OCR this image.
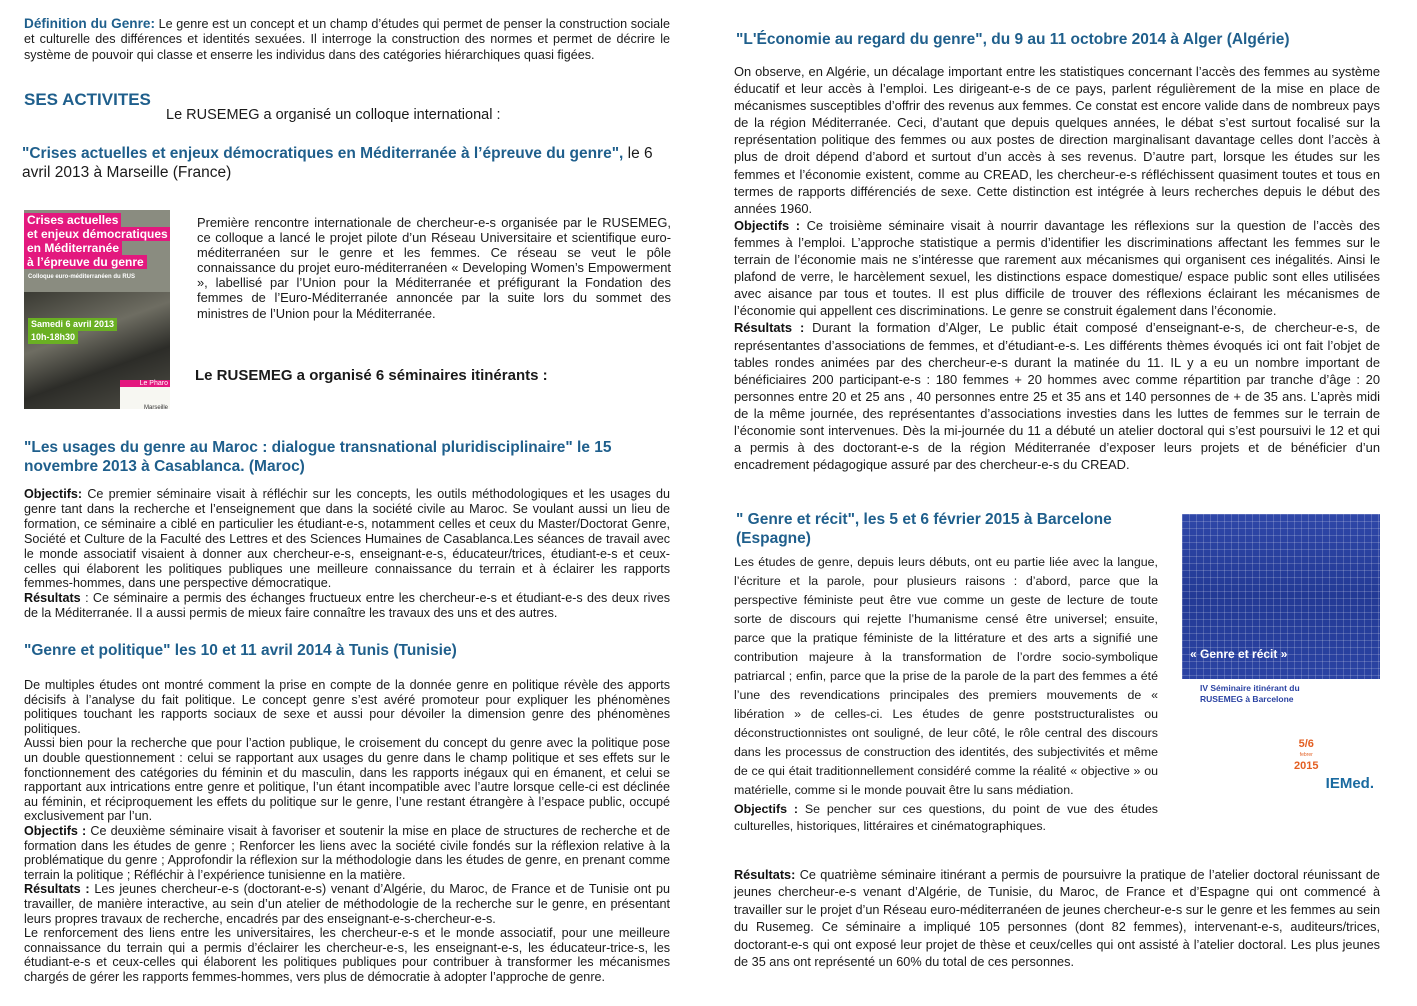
Définition du Genre: Le genre est un concept et un champ d’études qui permet de penser la construction sociale et culturelle des différences et identités sexuées. Il interroge la construction des normes et permet de décrire le système de pouvoir qui classe et enserre les individus dans des catégories hiérarchiques quasi figées.

SES ACTIVITES
Le RUSEMEG a organisé un colloque international :
"Crises actuelles et enjeux démocratiques en Méditerranée à l’épreuve du genre", le 6 avril 2013 à Marseille (France)
Crises actuelles
et enjeux démocratiques
en Méditerranée
à l’épreuve du genre
Colloque euro-méditerranéen du RUS
Samedi 6 avril 2013
10h-18h30
Le Pharo
Marseille

Première rencontre internationale de chercheur-e-s organisée par le RUSEMEG, ce colloque a lancé le projet pilote d’un Réseau Universitaire et scientifique euro-méditerranéen sur le genre et les femmes. Ce réseau se veut le pôle connaissance du projet euro-méditerranéen « Developing Women’s Empowerment », labellisé par l’Union pour la Méditerranée et préfigurant la Fondation des femmes de l’Euro-Méditerranée annoncée par la suite lors du sommet des ministres de l’Union pour la Méditerranée.

Le RUSEMEG a organisé 6 séminaires itinérants :

"Les usages du genre au Maroc : dialogue transnational pluridisciplinaire" le 15 novembre 2013 à Casablanca. (Maroc)

Objectifs: Ce premier séminaire visait à réfléchir sur les concepts, les outils méthodologiques et les usages du genre tant dans la recherche et l’enseignement que dans la société civile au Maroc. Se voulant aussi un lieu de formation, ce séminaire a ciblé en particulier les étudiant-e-s, notamment celles et ceux du Master/Doctorat Genre, Société et Culture de la Faculté des Lettres et des Sciences Humaines de Casablanca.Les séances de travail avec le monde associatif visaient à donner aux chercheur-e-s, enseignant-e-s, éducateur/trices, étudiant-e-s et ceux-celles qui élaborent les politiques publiques une meilleure connaissance du terrain et à éclairer les rapports femmes-hommes, dans une perspective démocratique.

Résultats : Ce séminaire a permis des échanges fructueux entre les chercheur-e-s et étudiant-e-s des deux rives de la Méditerranée. Il a aussi permis de mieux faire connaître les travaux des uns et des autres.

"Genre et politique" les 10 et 11 avril 2014 à Tunis (Tunisie)

De multiples études ont montré comment la prise en compte de la donnée genre en politique révèle des apports décisifs à l’analyse du fait politique. Le concept genre s’est avéré promoteur pour expliquer les phénomènes politiques touchant les rapports sociaux de sexe et aussi pour dévoiler la dimension genre des phénomènes politiques.

Aussi bien pour la recherche que pour l’action publique, le croisement du concept du genre avec la politique pose un double questionnement : celui se rapportant aux usages du genre dans le champ politique et ses effets sur le fonctionnement des catégories du féminin et du masculin, dans les rapports inégaux qui en émanent, et celui se rapportant aux intrications entre genre et politique, l’un étant incompatible avec l’autre lorsque celle-ci est déclinée au féminin, et réciproquement les effets du politique sur le genre, l’une restant étrangère à l’espace public, occupé exclusivement par l’un.

Objectifs : Ce deuxième séminaire visait à favoriser et soutenir la mise en place de structures de recherche et de formation dans les études de genre ; Renforcer les liens avec la société civile fondés sur la réflexion relative à la problématique du genre ; Approfondir la réflexion sur la méthodologie dans les études de genre, en prenant comme terrain la politique ; Réfléchir à l’expérience tunisienne en la matière.

Résultats : Les jeunes chercheur-e-s (doctorant-e-s) venant d’Algérie, du Maroc, de France et de Tunisie ont pu travailler, de manière interactive, au sein d’un atelier de méthodologie de la recherche sur le genre, en présentant leurs propres travaux de recherche, encadrés par des enseignant-e-s-chercheur-e-s.

Le renforcement des liens entre les universitaires, les chercheur-e-s et le monde associatif, pour une meilleure connaissance du terrain qui a permis d’éclairer les chercheur-e-s, les enseignant-e-s, les éducateur-trice-s, les étudiant-e-s et ceux-celles qui élaborent les politiques publiques pour contribuer à transformer les mécanismes chargés de gérer les rapports femmes-hommes, vers plus de démocratie à adopter l’approche de genre.

"L'Économie au regard du genre", du 9 au 11 octobre 2014 à Alger (Algérie)

On observe, en Algérie, un décalage important entre les statistiques concernant l’accès des femmes au système éducatif et leur accès à l’emploi. Les dirigeant-e-s de ce pays, parlent régulièrement de la mise en place de mécanismes susceptibles d’offrir des revenus aux femmes. Ce constat est encore valide dans de nombreux pays de la région Méditerranée. Ceci, d’autant que depuis quelques années, le débat s’est surtout focalisé sur la représentation politique des femmes ou aux postes de direction marginalisant davantage celles dont l’accès à plus de droit dépend d’abord et surtout d’un accès à ses revenus. D’autre part, lorsque les études sur les femmes et l’économie existent, comme au CREAD, les chercheur-e-s réfléchissent quasiment toutes et tous en termes de rapports différenciés de sexe. Cette distinction est intégrée à leurs recherches depuis le début des années 1960.

Objectifs : Ce troisième séminaire visait à nourrir davantage les réflexions sur la question de l’accès des femmes à l’emploi. L’approche statistique a permis d’identifier les discriminations affectant les femmes sur le terrain de l’économie mais ne s’intéresse que rarement aux mécanismes qui organisent ces inégalités. Ainsi le plafond de verre, le harcèlement sexuel, les distinctions espace domestique/ espace public sont elles utilisées avec aisance par tous et toutes. Il est plus difficile de trouver des réflexions éclairant les mécanismes de l’économie qui appellent ces discriminations. Le genre se construit également dans l’économie.

Résultats : Durant la formation d’Alger, Le public était composé d’enseignant-e-s, de chercheur-e-s, de représentantes d’associations de femmes, et d’étudiant-e-s. Les différents thèmes évoqués ici ont fait l’objet de tables rondes animées par des chercheur-e-s durant la matinée du 11. IL y a eu un nombre important de bénéficiaires 200 participant-e-s : 180 femmes + 20 hommes avec comme répartition par tranche d’âge : 20 personnes entre 20 et 25 ans , 40 personnes entre 25 et 35 ans et 140 personnes de + de 35 ans. L’après midi de la même journée, des représentantes d’associations investies dans les luttes de femmes sur le terrain de l’économie sont intervenues. Dès la mi-journée du 11 a débuté un atelier doctoral qui s’est poursuivi le 12 et qui a permis à des doctorant-e-s de la région Méditerranée d’exposer leurs projets et de bénéficier d’un encadrement pédagogique assuré par des chercheur-e-s du CREAD.

" Genre et récit", les 5 et 6 février 2015 à Barcelone (Espagne)

Les études de genre, depuis leurs débuts, ont eu partie liée avec la langue, l’écriture et la parole, pour plusieurs raisons : d’abord, parce que la perspective féministe peut être vue comme un geste de lecture de toute sorte de discours qui rejette l’humanisme censé être universel; ensuite, parce que la pratique féministe de la littérature et des arts a signifié une contribution majeure à la transformation de l’ordre socio-symbolique patriarcal ; enfin, parce que la prise de la parole de la part des femmes a été l’une des revendications principales des premiers mouvements de « libération » de celles-ci. Les études de genre poststructuralistes ou déconstructionnistes ont souligné, de leur côté, le rôle central des discours dans les processus de construction des identités, des subjectivités et même de ce qui était traditionnellement considéré comme la réalité « objective » ou matérielle, comme si le monde pouvait être lu sans médiation.

Objectifs : Se pencher sur ces questions, du point de vue des études culturelles, historiques, littéraires et cinématographiques.

« Genre et récit »
IV Séminaire itinérant du
RUSEMEG à Barcelone
5/6
febrer
2015
IEMed.

Résultats: Ce quatrième séminaire itinérant a permis de poursuivre la pratique de l’atelier doctoral réunissant de jeunes chercheur-e-s venant d’Algérie, de Tunisie, du Maroc, de France et d’Espagne qui ont commencé à travailler sur le projet d’un Réseau euro-méditerranéen de jeunes chercheur-e-s sur le genre et les femmes au sein du Rusemeg. Ce séminaire a impliqué 105 personnes (dont 82 femmes), intervenant-e-s, auditeurs/trices, doctorant-e-s qui ont exposé leur projet de thèse et ceux/celles qui ont assisté à l’atelier doctoral. Les plus jeunes de 35 ans ont représenté un 60% du total de ces personnes.
